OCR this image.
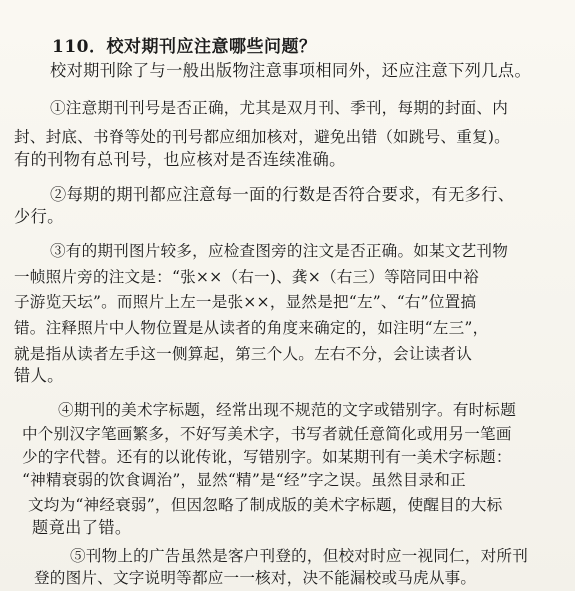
110．校对期刊应注意哪些问题？
校对期刊除了与一般出版物注意事项相同外，还应注意下列几点。
①注意期刊刊号是否正确，尤其是双月刊、季刊，每期的封面、内
封、封底、书脊等处的刊号都应细加核对，避免出错（如跳号、重复)。
有的刊物有总刊号，也应核对是否连续准确。
②每期的期刊都应注意每一面的行数是否符合要求，有无多行、
少行。
③有的期刊图片较多，应检查图旁的注文是否正确。如某文艺刊物
一帧照片旁的注文是：“张××（右一)、龚×（右三）等陪同田中裕
子游览天坛”。而照片上左一是张××，显然是把“左”、“右”位置搞
错。注释照片中人物位置是从读者的角度来确定的，如注明“左三”，
就是指从读者左手这一侧算起，第三个人。左右不分，会让读者认
错人。
④期刊的美术字标题，经常出现不规范的文字或错别字。有时标题
中个别汉字笔画繁多，不好写美术字，书写者就任意简化或用另一笔画
少的字代替。还有的以讹传讹，写错别字。如某期刊有一美术字标题：
“神精衰弱的饮食调治”，显然“精”是“经”字之误。虽然目录和正
文均为“神经衰弱”，但因忽略了制成版的美术字标题，使醒目的大标
题竟出了错。
⑤刊物上的广告虽然是客户刊登的，但校对时应一视同仁，对所刊
登的图片、文字说明等都应一一核对，决不能漏校或马虎从事。
